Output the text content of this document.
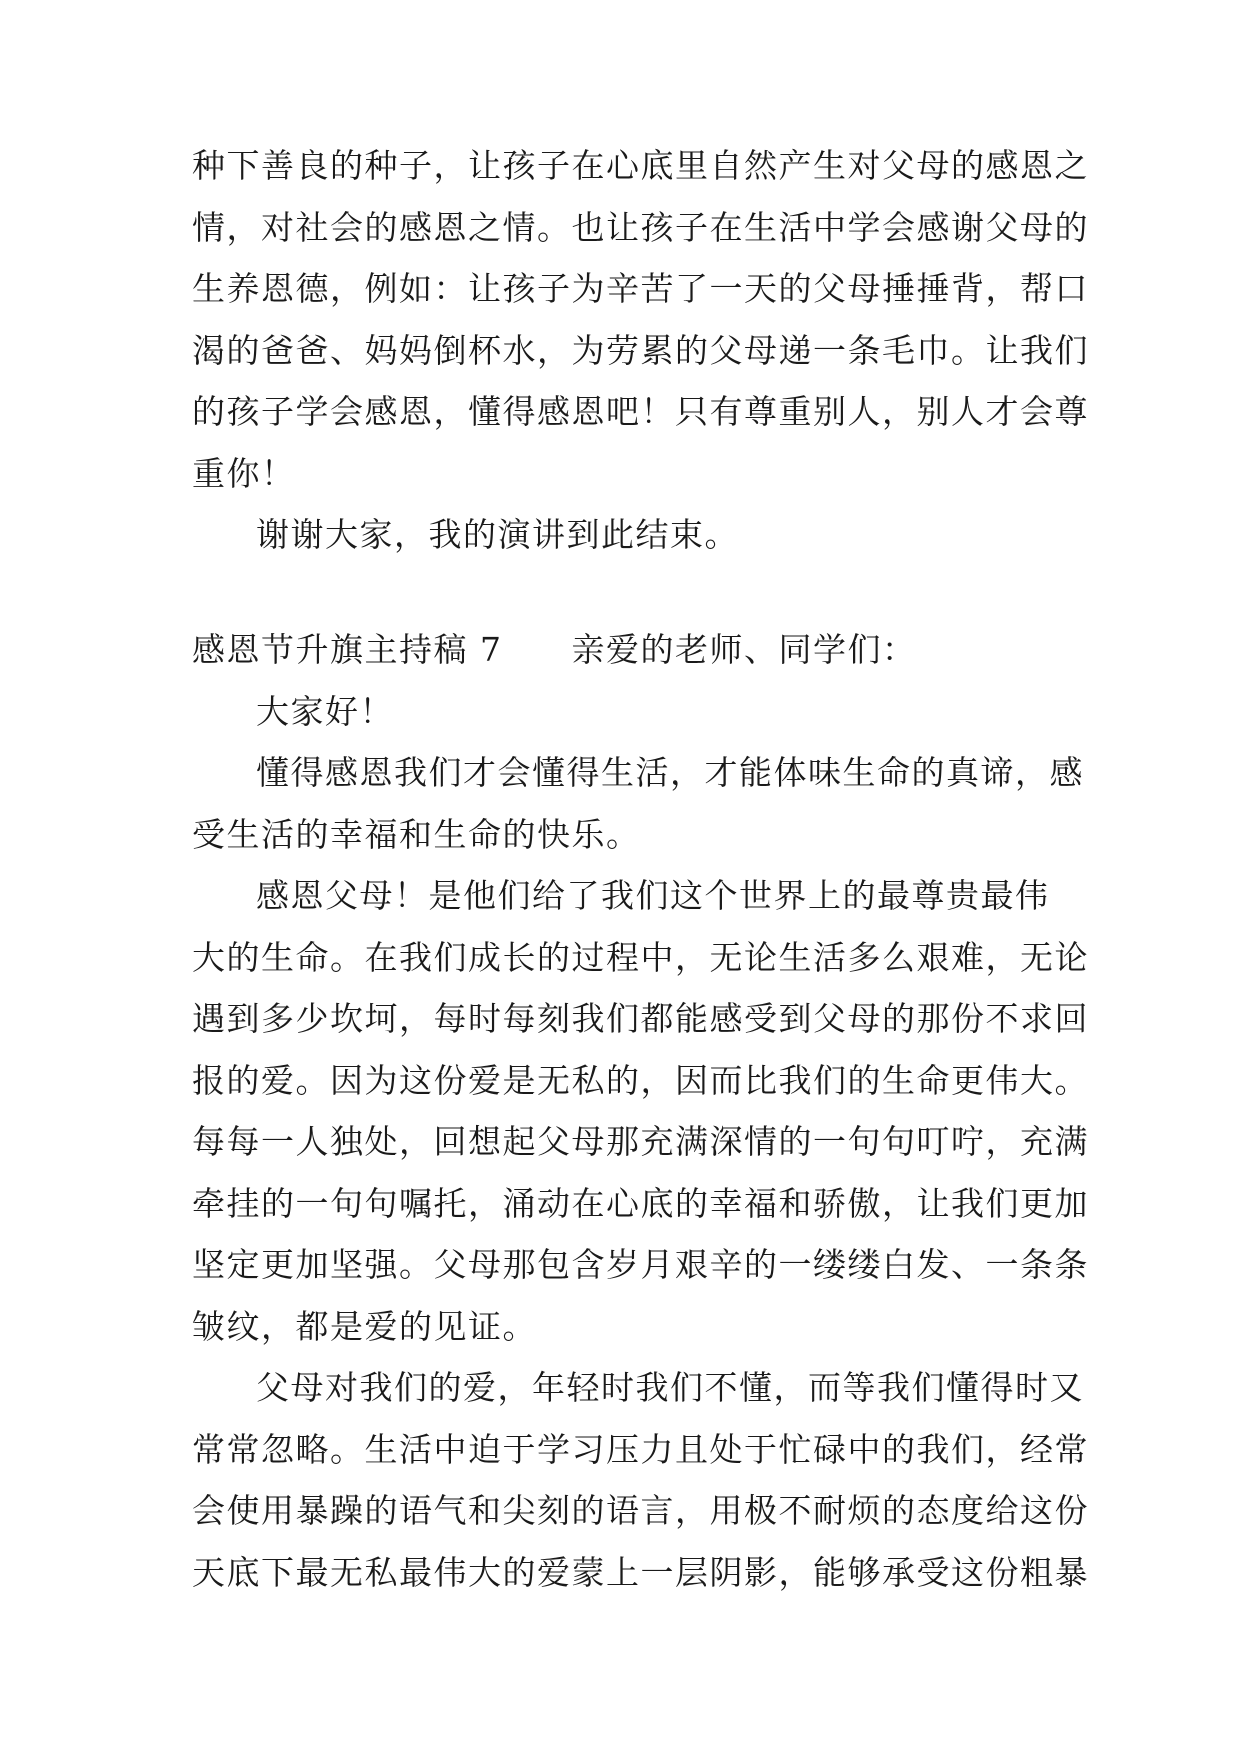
种下善良的种子，让孩子在心底里自然产生对父母的感恩之
情，对社会的感恩之情。也让孩子在生活中学会感谢父母的
生养恩德，例如：让孩子为辛苦了一天的父母捶捶背，帮口
渴的爸爸、妈妈倒杯水，为劳累的父母递一条毛巾。让我们
的孩子学会感恩，懂得感恩吧！只有尊重别人，别人才会尊
重你！
谢谢大家，我的演讲到此结束。
感恩节升旗主持稿 7　　亲爱的老师、同学们：
大家好！
懂得感恩我们才会懂得生活，才能体味生命的真谛，感
受生活的幸福和生命的快乐。
感恩父母！是他们给了我们这个世界上的最尊贵最伟
大的生命。在我们成长的过程中，无论生活多么艰难，无论
遇到多少坎坷，每时每刻我们都能感受到父母的那份不求回
报的爱。因为这份爱是无私的，因而比我们的生命更伟大。
每每一人独处，回想起父母那充满深情的一句句叮咛，充满
牵挂的一句句嘱托，涌动在心底的幸福和骄傲，让我们更加
坚定更加坚强。父母那包含岁月艰辛的一缕缕白发、一条条
皱纹，都是爱的见证。
父母对我们的爱，年轻时我们不懂，而等我们懂得时又
常常忽略。生活中迫于学习压力且处于忙碌中的我们，经常
会使用暴躁的语气和尖刻的语言，用极不耐烦的态度给这份
天底下最无私最伟大的爱蒙上一层阴影，能够承受这份粗暴
